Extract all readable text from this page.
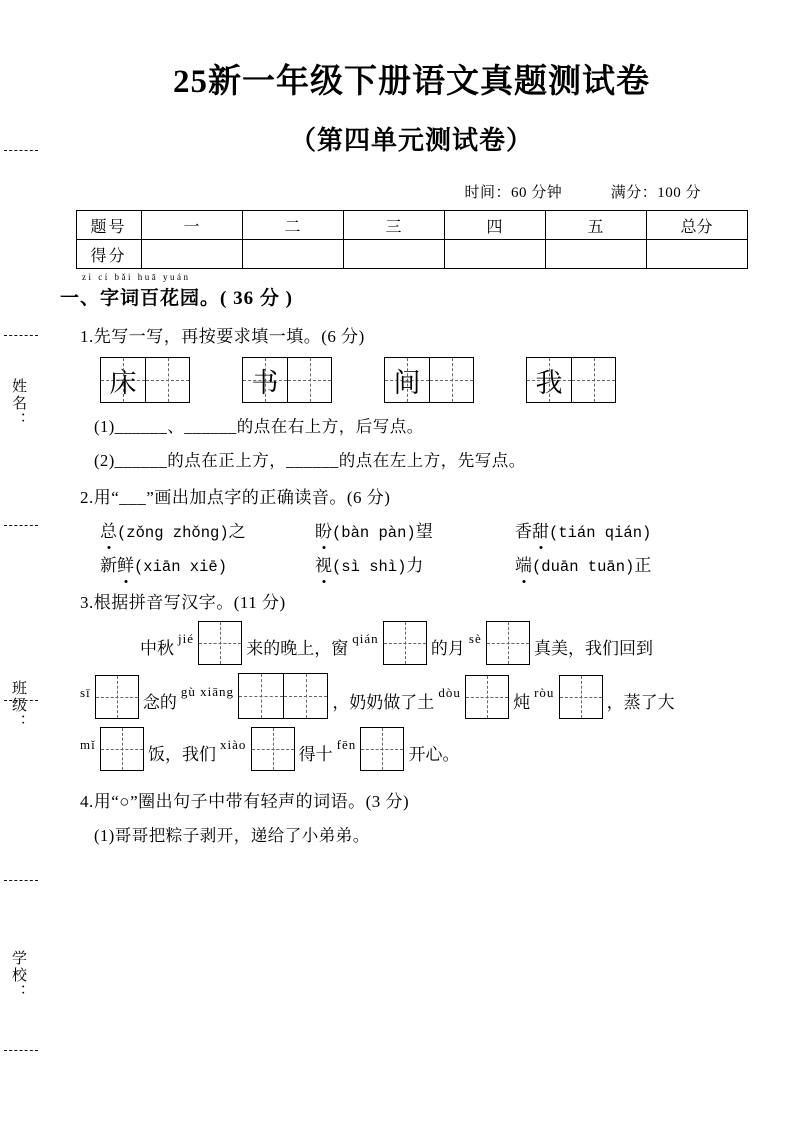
姓名：
班级：
学校：
25新一年级下册语文真题测试卷
（第四单元测试卷）
时间：60 分钟	满分：100 分
题号	一	二	三	四	五	总分
得分						
zì cí bǎi huā yuán
一、字词百花园。( 36 分 )
1.先写一写，再按要求填一填。(6 分)
床
	书
	间
	我

(1)______、______的点在右上方，后写点。
(2)______的点在正上方，______的点在左上方，先写点。
2.用“___”画出加点字的正确读音。(6 分)
总(zǒng zhǒng)之	盼(bàn pàn)望	香甜(tián qián)
新鲜(xiān xiē)	视(sì shì)力	端(duān tuān)正
3.根据拼音写汉字。(11 分)
中秋
jié
来的晚上，窗
qián
的月
sè
真美，我们回到
sī
念的
gù xiāng
，奶奶做了土
dòu
炖
ròu
，蒸了大
mǐ
饭，我们
xiào
得十
fēn
开心。
4.用“○”圈出句子中带有轻声的词语。(3 分)
(1)哥哥把粽子剥开，递给了小弟弟。
